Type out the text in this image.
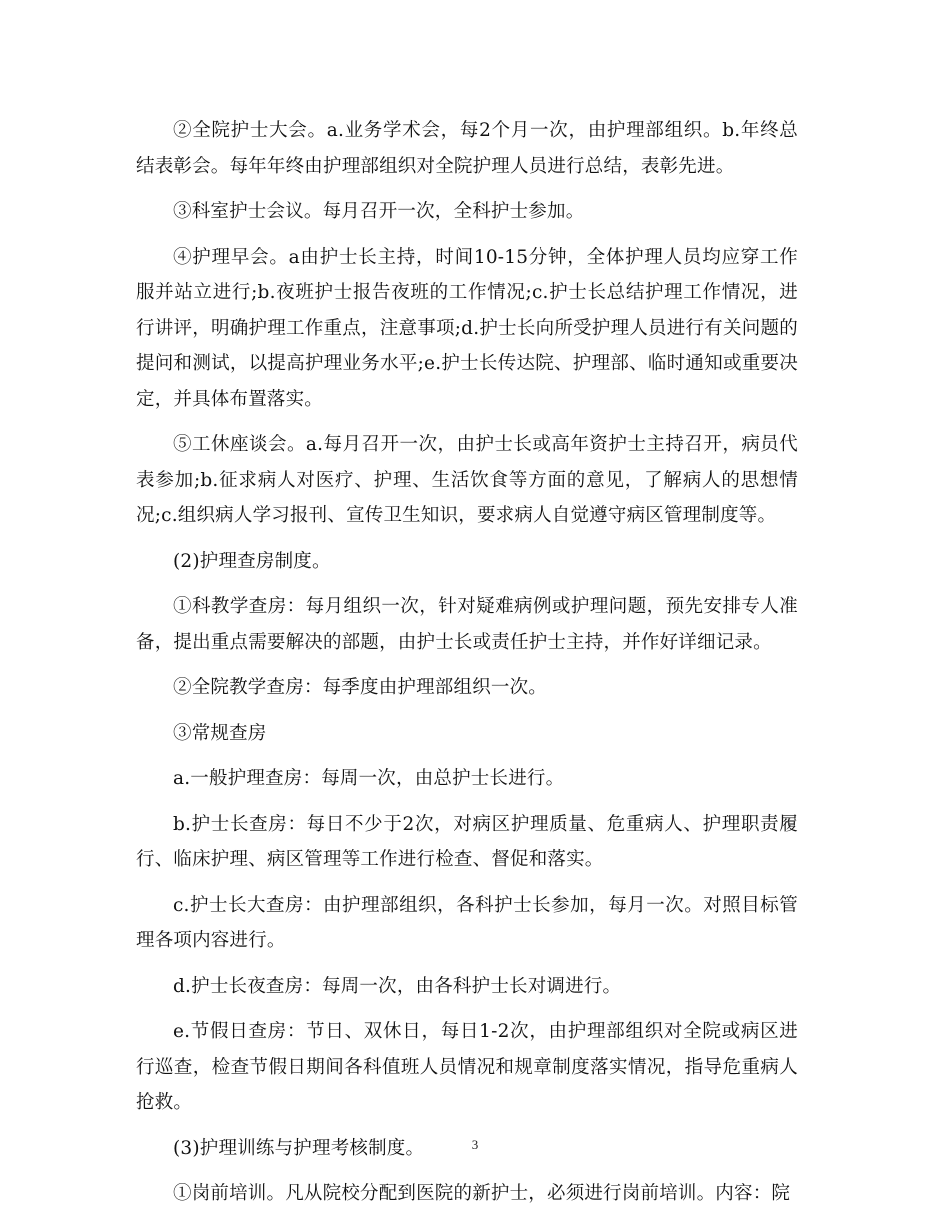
②全院护士大会。a.业务学术会，每2个月一次，由护理部组织。b.年终总结表彰会。每年年终由护理部组织对全院护理人员进行总结，表彰先进。

③科室护士会议。每月召开一次，全科护士参加。

④护理早会。a由护士长主持，时间10-15分钟，全体护理人员均应穿工作服并站立进行;b.夜班护士报告夜班的工作情况;c.护士长总结护理工作情况，进行讲评，明确护理工作重点，注意事项;d.护士长向所受护理人员进行有关问题的提问和测试，以提高护理业务水平;e.护士长传达院、护理部、临时通知或重要决定，并具体布置落实。

⑤工休座谈会。a.每月召开一次，由护士长或高年资护士主持召开，病员代表参加;b.征求病人对医疗、护理、生活饮食等方面的意见，了解病人的思想情况;c.组织病人学习报刊、宣传卫生知识，要求病人自觉遵守病区管理制度等。

(2)护理查房制度。

①科教学查房：每月组织一次，针对疑难病例或护理问题，预先安排专人准备，提出重点需要解决的部题，由护士长或责任护士主持，并作好详细记录。

②全院教学查房：每季度由护理部组织一次。

③常规查房

a.一般护理查房：每周一次，由总护士长进行。

b.护士长查房：每日不少于2次，对病区护理质量、危重病人、护理职责履行、临床护理、病区管理等工作进行检查、督促和落实。

c.护士长大查房：由护理部组织，各科护士长参加，每月一次。对照目标管理各项内容进行。

d.护士长夜查房：每周一次，由各科护士长对调进行。

e.节假日查房：节日、双休日，每日1-2次，由护理部组织对全院或病区进行巡查，检查节假日期间各科值班人员情况和规章制度落实情况，指导危重病人抢救。

(3)护理训练与护理考核制度。

①岗前培训。凡从院校分配到医院的新护士，必须进行岗前培训。内容：院

3
